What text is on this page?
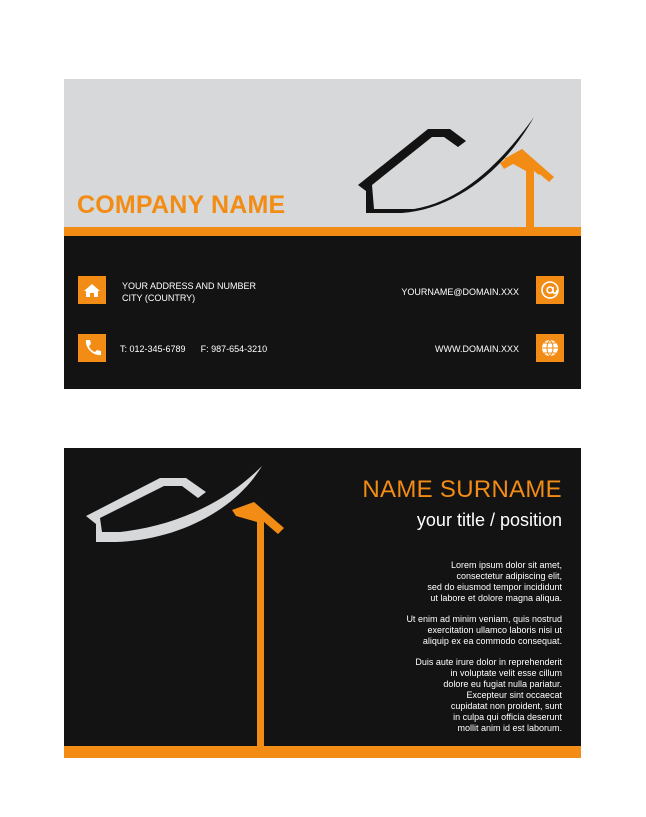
COMPANY NAME
YOUR ADDRESS AND NUMBER
CITY (COUNTRY)
T: 012-345-6789 F: 987-654-3210
YOURNAME@DOMAIN.XXX
WWW.DOMAIN.XXX
NAME SURNAME
your title / position
Lorem ipsum dolor sit amet,
consectetur adipiscing elit,
sed do eiusmod tempor incididunt
ut labore et dolore magna aliqua.
Ut enim ad minim veniam, quis nostrud
exercitation ullamco laboris nisi ut
aliquip ex ea commodo consequat.
Duis aute irure dolor in reprehenderit
in voluptate velit esse cillum
dolore eu fugiat nulla pariatur.
Excepteur sint occaecat
cupidatat non proident, sunt
in culpa qui officia deserunt
mollit anim id est laborum.
